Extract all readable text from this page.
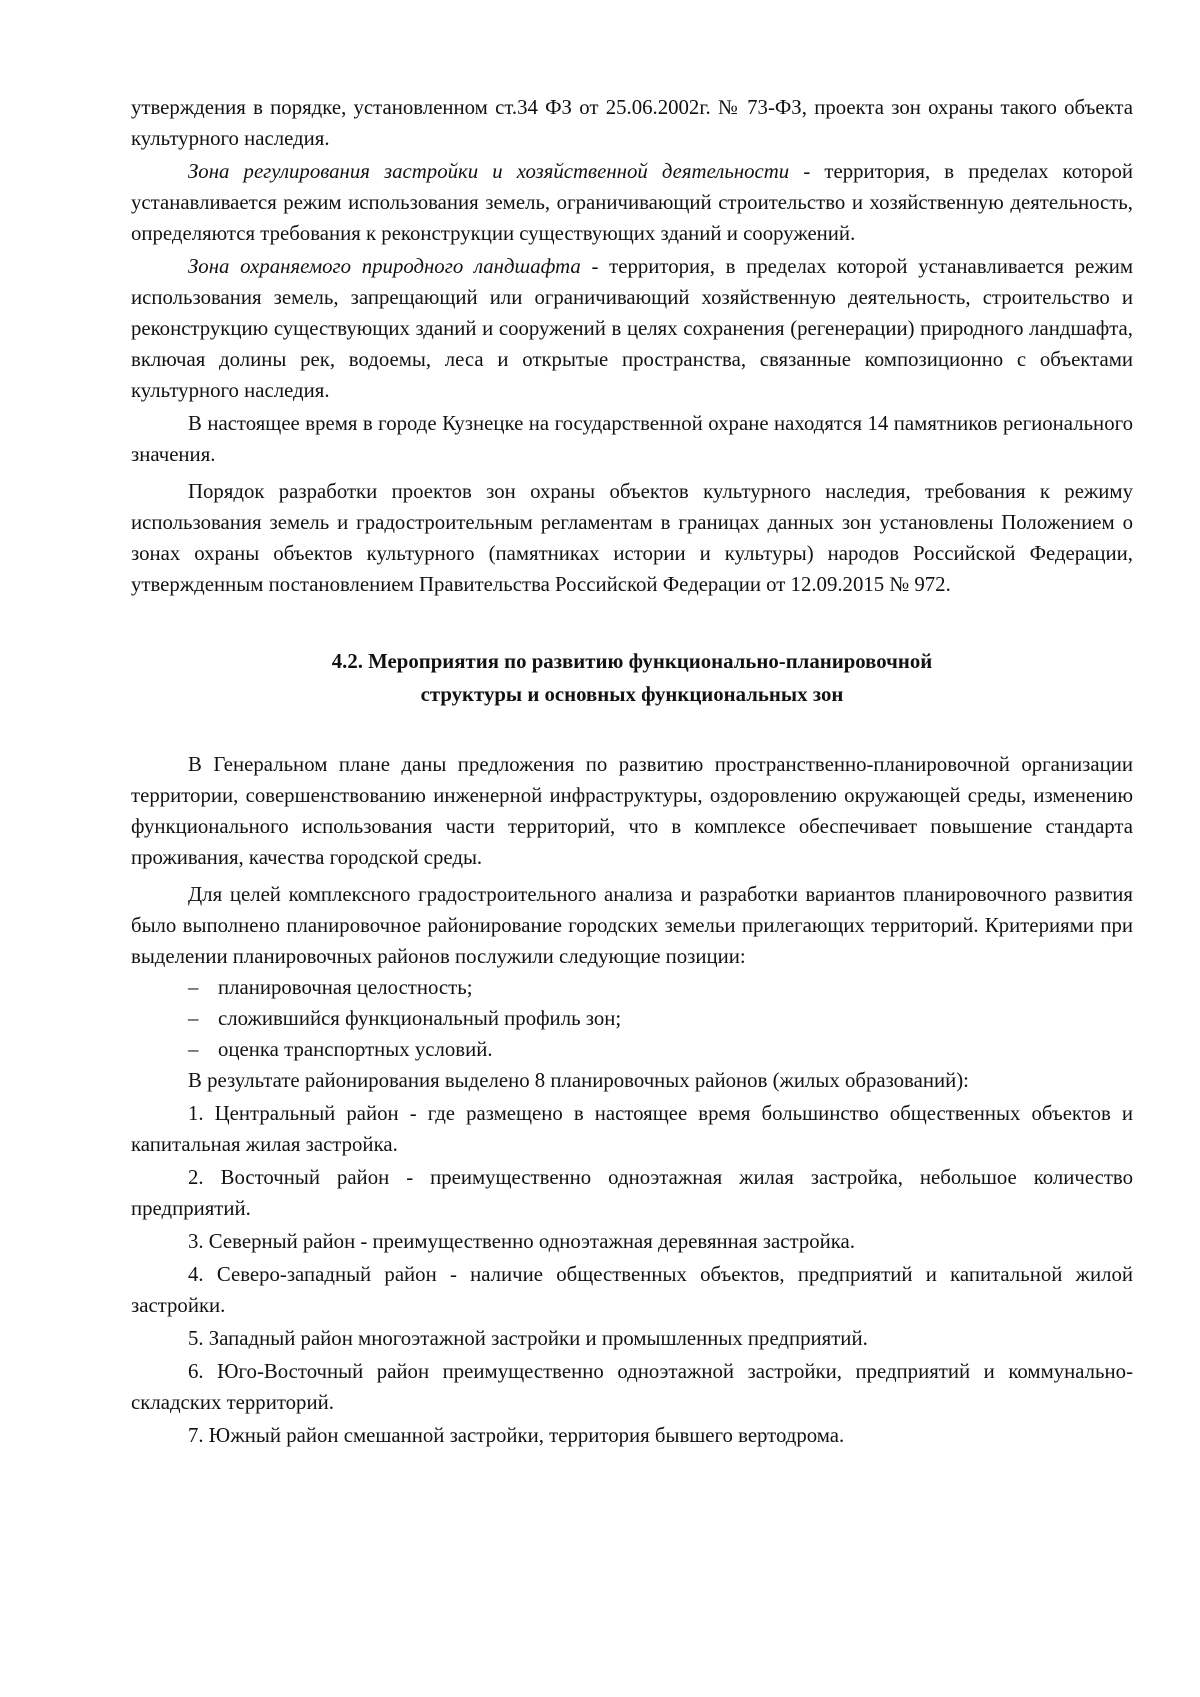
утверждения в порядке, установленном ст.34 ФЗ от 25.06.2002г. № 73-ФЗ, проекта зон охраны такого объекта культурного наследия.

Зона регулирования застройки и хозяйственной деятельности - территория, в пределах которой устанавливается режим использования земель, ограничивающий строительство и хозяйственную деятельность, определяются требования к реконструкции существующих зданий и сооружений.

Зона охраняемого природного ландшафта - территория, в пределах которой устанавливается режим использования земель, запрещающий или ограничивающий хозяйственную деятельность, строительство и реконструкцию существующих зданий и сооружений в целях сохранения (регенерации) природного ландшафта, включая долины рек, водоемы, леса и открытые пространства, связанные композиционно с объектами культурного наследия.

В настоящее время в городе Кузнецке на государственной охране находятся 14 памятников регионального значения.

Порядок разработки проектов зон охраны объектов культурного наследия, требования к режиму использования земель и градостроительным регламентам в границах данных зон установлены Положением о зонах охраны объектов культурного (памятниках истории и культуры) народов Российской Федерации, утвержденным постановлением Правительства Российской Федерации от 12.09.2015 № 972.

4.2. Мероприятия по развитию функционально-планировочной
структуры и основных функциональных зон

В Генеральном плане даны предложения по развитию пространственно-планировочной организации территории, совершенствованию инженерной инфраструктуры, оздоровлению окружающей среды, изменению функционального использования части территорий, что в комплексе обеспечивает повышение стандарта проживания, качества городской среды.

Для целей комплексного градостроительного анализа и разработки вариантов планировочного развития было выполнено планировочное районирование городских земельи прилегающих территорий. Критериями при выделении планировочных районов послужили следующие позиции:

– планировочная целостность;
– сложившийся функциональный профиль зон;
– оценка транспортных условий.

В результате районирования выделено 8 планировочных районов (жилых образований):

1. Центральный район - где размещено в настоящее время большинство общественных объектов и капитальная жилая застройка.

2. Восточный район - преимущественно одноэтажная жилая застройка, небольшое количество предприятий.

3. Северный район - преимущественно одноэтажная деревянная застройка.

4. Северо-западный район - наличие общественных объектов, предприятий и капитальной жилой застройки.

5. Западный район многоэтажной застройки и промышленных предприятий.

6. Юго-Восточный район преимущественно одноэтажной застройки, предприятий и коммунально-складских территорий.

7. Южный район смешанной застройки, территория бывшего вертодрома.
